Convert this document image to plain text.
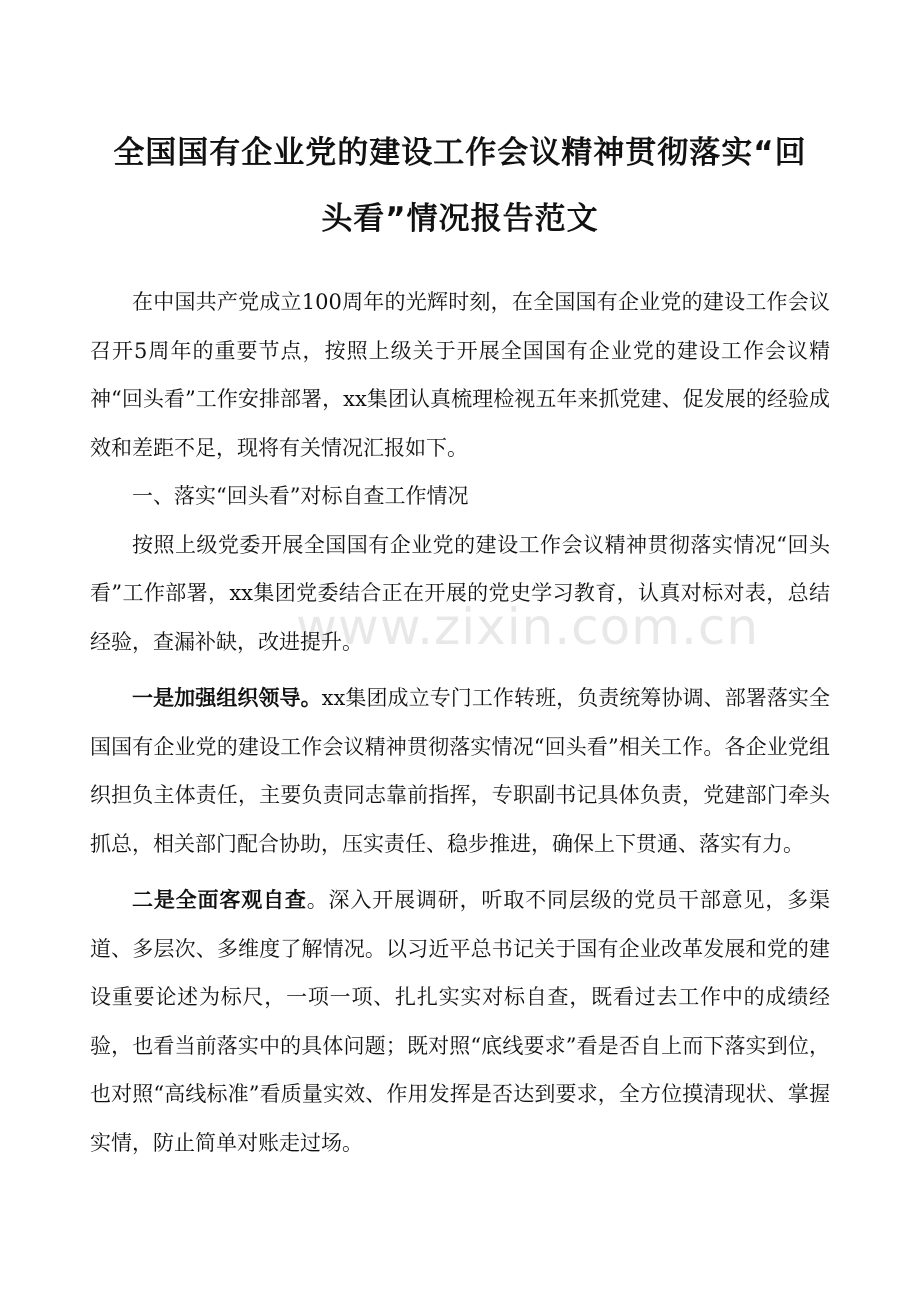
全国国有企业党的建设工作会议精神贯彻落实“回
头看”情况报告范文

在中国共产党成立100周年的光辉时刻，在全国国有企业党的建设工作会议召开5周年的重要节点，按照上级关于开展全国国有企业党的建设工作会议精神“回头看”工作安排部署，xx集团认真梳理检视五年来抓党建、促发展的经验成效和差距不足，现将有关情况汇报如下。

一、落实“回头看”对标自查工作情况

按照上级党委开展全国国有企业党的建设工作会议精神贯彻落实情况“回头看”工作部署，xx集团党委结合正在开展的党史学习教育，认真对标对表，总结经验，查漏补缺，改进提升。

一是加强组织领导。xx集团成立专门工作转班，负责统筹协调、部署落实全国国有企业党的建设工作会议精神贯彻落实情况“回头看”相关工作。各企业党组织担负主体责任，主要负责同志靠前指挥，专职副书记具体负责，党建部门牵头抓总，相关部门配合协助，压实责任、稳步推进，确保上下贯通、落实有力。

二是全面客观自查。深入开展调研，听取不同层级的党员干部意见，多渠道、多层次、多维度了解情况。以习近平总书记关于国有企业改革发展和党的建设重要论述为标尺，一项一项、扎扎实实对标自查，既看过去工作中的成绩经验，也看当前落实中的具体问题；既对照“底线要求”看是否自上而下落实到位，也对照“高线标准”看质量实效、作用发挥是否达到要求，全方位摸清现状、掌握实情，防止简单对账走过场。

www.zixin.com.cn
